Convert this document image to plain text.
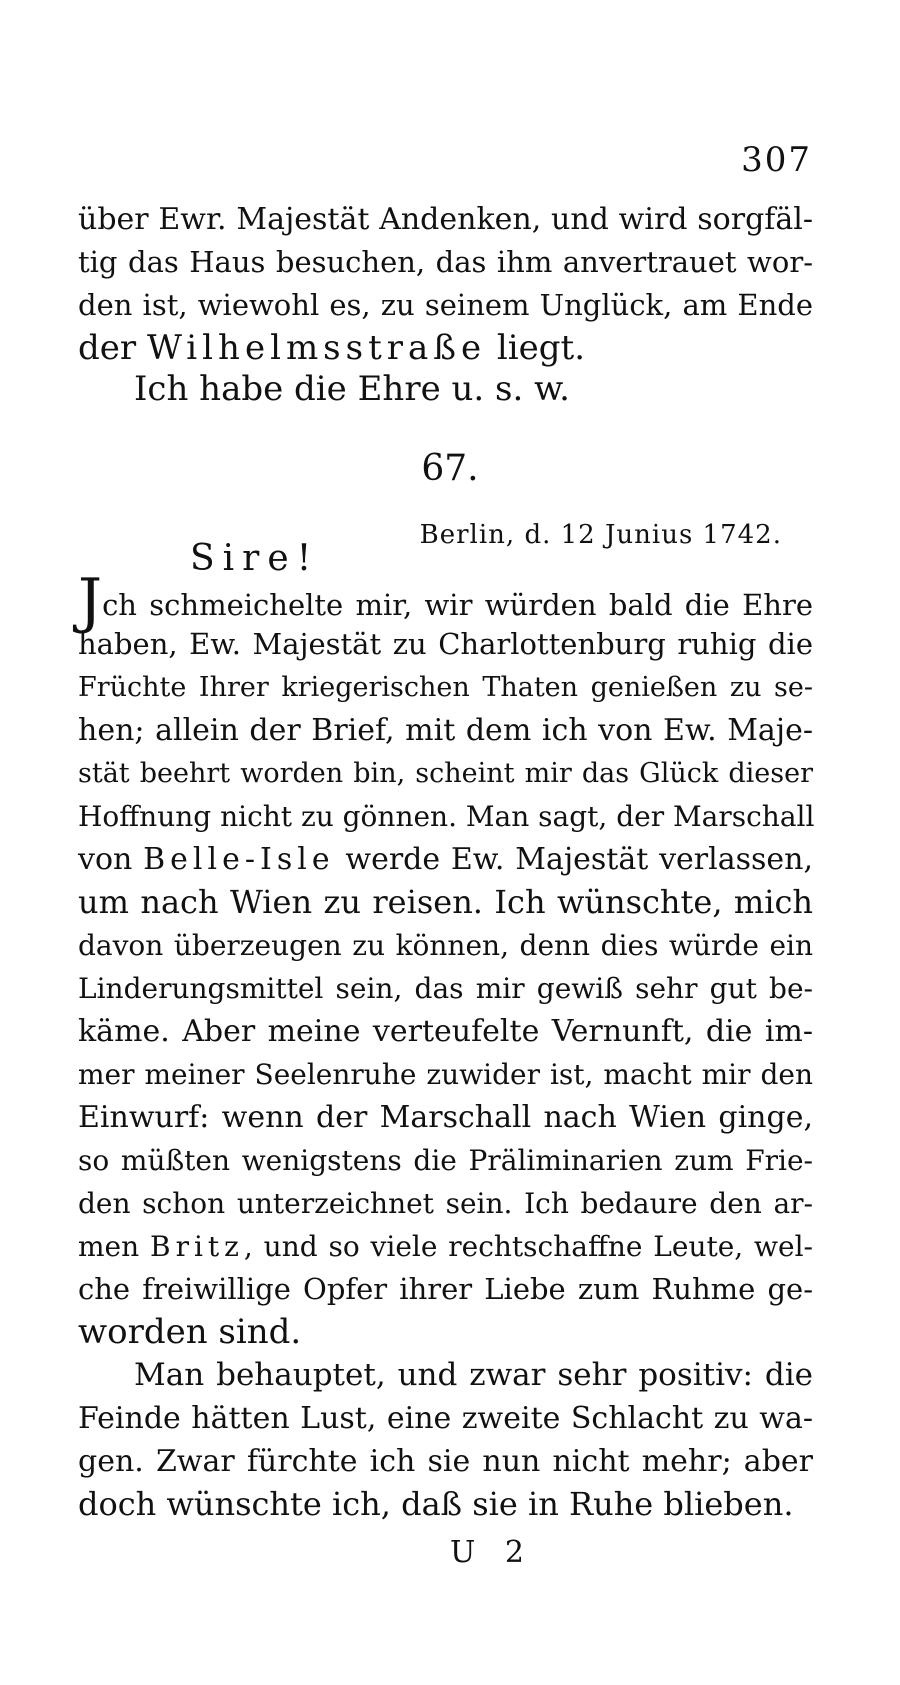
307
über Ewr. Majestät Andenken, und wird sorgfäl-
tig das Haus besuchen, das ihm anvertrauet wor-
den ist, wiewohl es, zu seinem Unglück, am Ende
der Wilhelmsstraße liegt.
Ich habe die Ehre u. s. w.
67.
Berlin, d. 12 Junius 1742.
Sire!
Jch schmeichelte mir, wir würden bald die Ehre
haben, Ew. Majestät zu Charlottenburg ruhig die
Früchte Ihrer kriegerischen Thaten genießen zu se-
hen; allein der Brief, mit dem ich von Ew. Maje-
stät beehrt worden bin, scheint mir das Glück dieser
Hoffnung nicht zu gönnen. Man sagt, der Marschall
von Belle-Isle werde Ew. Majestät verlassen,
um nach Wien zu reisen. Ich wünschte, mich
davon überzeugen zu können, denn dies würde ein
Linderungsmittel sein, das mir gewiß sehr gut be-
käme. Aber meine verteufelte Vernunft, die im-
mer meiner Seelenruhe zuwider ist, macht mir den
Einwurf: wenn der Marschall nach Wien ginge,
so müßten wenigstens die Präliminarien zum Frie-
den schon unterzeichnet sein. Ich bedaure den ar-
men Britz, und so viele rechtschaffne Leute, wel-
che freiwillige Opfer ihrer Liebe zum Ruhme ge-
worden sind.
Man behauptet, und zwar sehr positiv: die
Feinde hätten Lust, eine zweite Schlacht zu wa-
gen. Zwar fürchte ich sie nun nicht mehr; aber
doch wünschte ich, daß sie in Ruhe blieben.
U 2
